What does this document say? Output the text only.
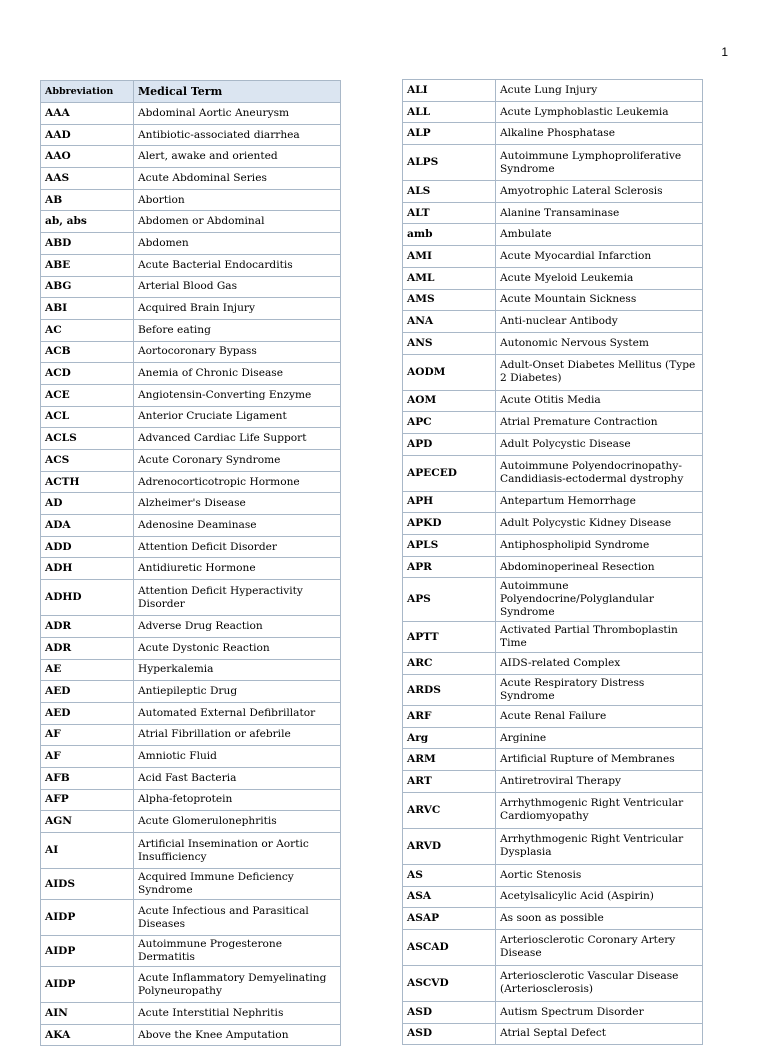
1
Abbreviation	Medical Term
AAA	Abdominal Aortic Aneurysm
AAD	Antibiotic-associated diarrhea
AAO	Alert, awake and oriented
AAS	Acute Abdominal Series
AB	Abortion
ab, abs	Abdomen or Abdominal
ABD	Abdomen
ABE	Acute Bacterial Endocarditis
ABG	Arterial Blood Gas
ABI	Acquired Brain Injury
AC	Before eating
ACB	Aortocoronary Bypass
ACD	Anemia of Chronic Disease
ACE	Angiotensin-Converting Enzyme
ACL	Anterior Cruciate Ligament
ACLS	Advanced Cardiac Life Support
ACS	Acute Coronary Syndrome
ACTH	Adrenocorticotropic Hormone
AD	Alzheimer's Disease
ADA	Adenosine Deaminase
ADD	Attention Deficit Disorder
ADH	Antidiuretic Hormone
ADHD	Attention Deficit Hyperactivity Disorder
ADR	Adverse Drug Reaction
ADR	Acute Dystonic Reaction
AE	Hyperkalemia
AED	Antiepileptic Drug
AED	Automated External Defibrillator
AF	Atrial Fibrillation or afebrile
AF	Amniotic Fluid
AFB	Acid Fast Bacteria
AFP	Alpha-fetoprotein
AGN	Acute Glomerulonephritis
AI	Artificial Insemination or Aortic Insufficiency
AIDS	Acquired Immune Deficiency Syndrome
AIDP	Acute Infectious and Parasitical Diseases
AIDP	Autoimmune Progesterone Dermatitis
AIDP	Acute Inflammatory Demyelinating Polyneuropathy
AIN	Acute Interstitial Nephritis
AKA	Above the Knee Amputation
ALI	Acute Lung Injury
ALL	Acute Lymphoblastic Leukemia
ALP	Alkaline Phosphatase
ALPS	Autoimmune Lymphoproliferative Syndrome
ALS	Amyotrophic Lateral Sclerosis
ALT	Alanine Transaminase
amb	Ambulate
AMI	Acute Myocardial Infarction
AML	Acute Myeloid Leukemia
AMS	Acute Mountain Sickness
ANA	Anti-nuclear Antibody
ANS	Autonomic Nervous System
AODM	Adult-Onset Diabetes Mellitus (Type 2 Diabetes)
AOM	Acute Otitis Media
APC	Atrial Premature Contraction
APD	Adult Polycystic Disease
APECED	Autoimmune Polyendocrinopathy-Candidiasis-ectodermal dystrophy
APH	Antepartum Hemorrhage
APKD	Adult Polycystic Kidney Disease
APLS	Antiphospholipid Syndrome
APR	Abdominoperineal Resection
APS	Autoimmune Polyendocrine/Polyglandular Syndrome
APTT	Activated Partial Thromboplastin Time
ARC	AIDS-related Complex
ARDS	Acute Respiratory Distress Syndrome
ARF	Acute Renal Failure
Arg	Arginine
ARM	Artificial Rupture of Membranes
ART	Antiretroviral Therapy
ARVC	Arrhythmogenic Right Ventricular Cardiomyopathy
ARVD	Arrhythmogenic Right Ventricular Dysplasia
AS	Aortic Stenosis
ASA	Acetylsalicylic Acid (Aspirin)
ASAP	As soon as possible
ASCAD	Arteriosclerotic Coronary Artery Disease
ASCVD	Arteriosclerotic Vascular Disease (Arteriosclerosis)
ASD	Autism Spectrum Disorder
ASD	Atrial Septal Defect
